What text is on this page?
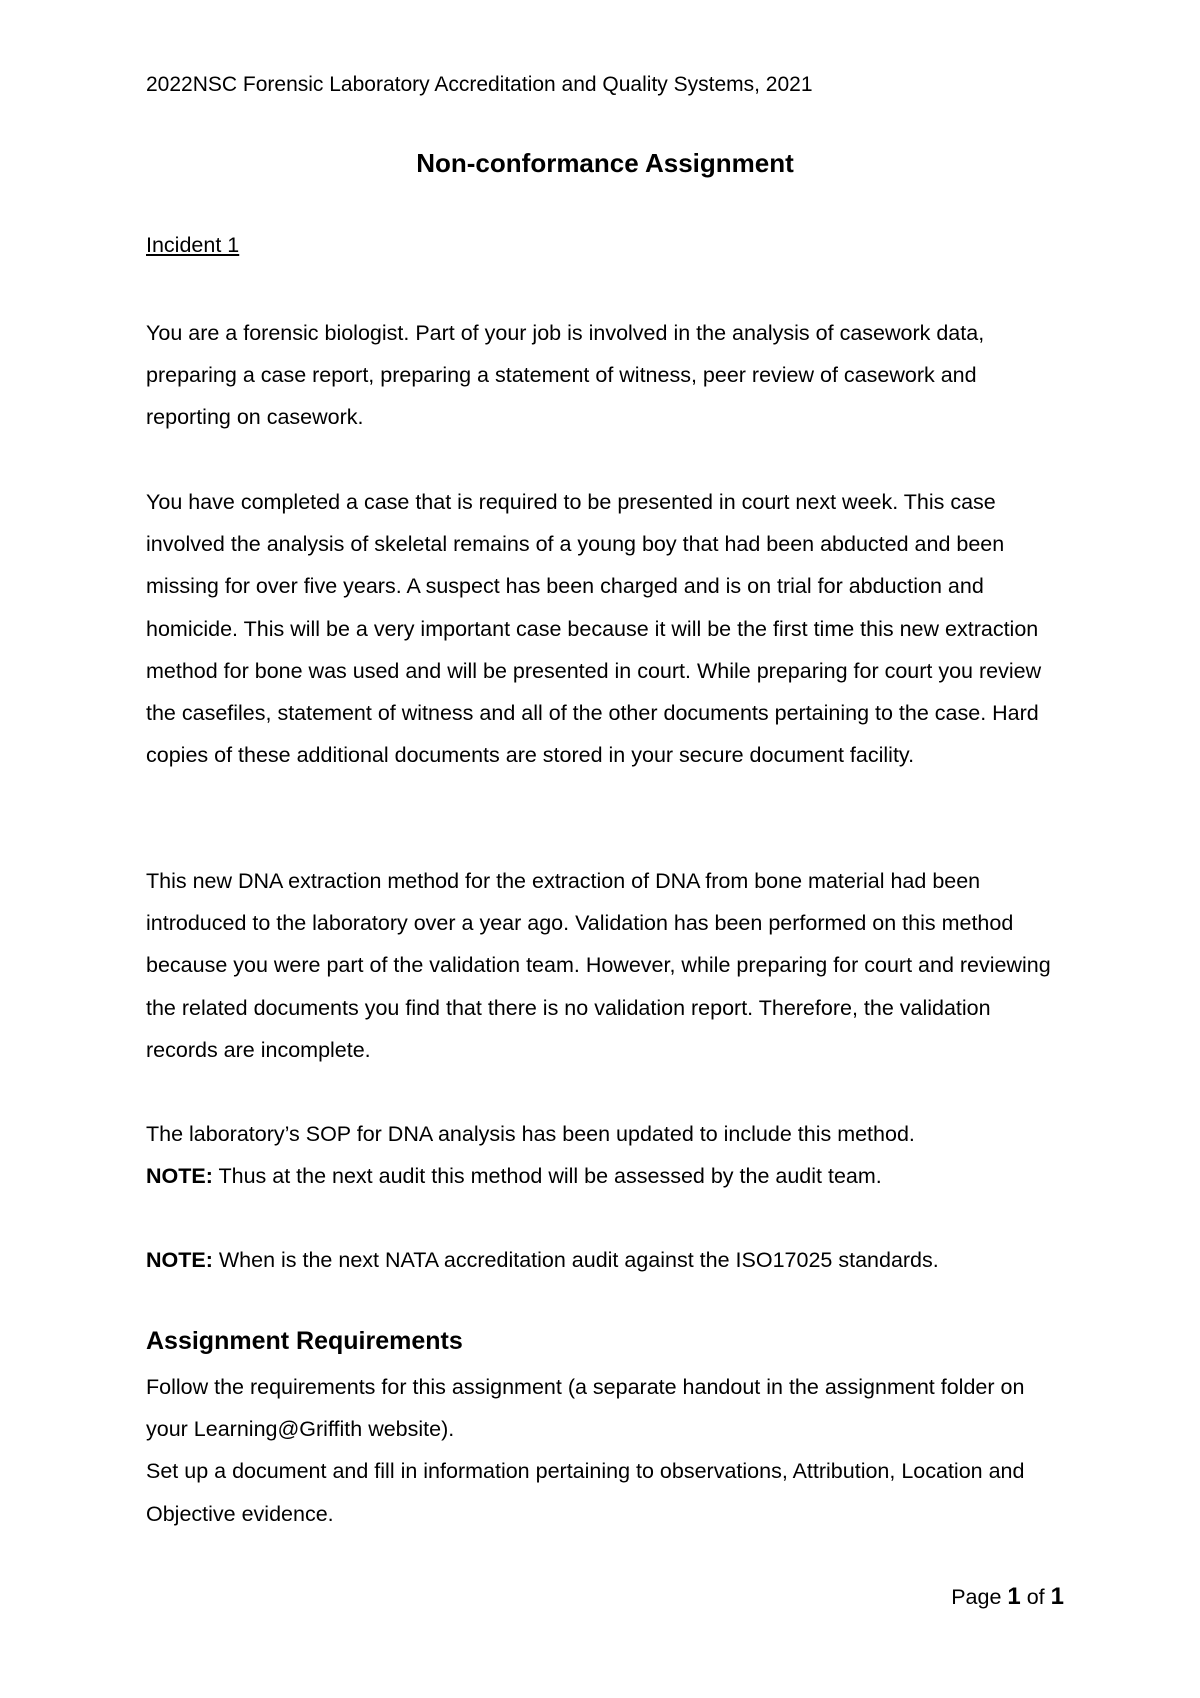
2022NSC Forensic Laboratory Accreditation and Quality Systems, 2021
Non-conformance Assignment
Incident 1

You are a forensic biologist. Part of your job is involved in the analysis of casework data, preparing a case report, preparing a statement of witness, peer review of casework and reporting on casework.

You have completed a case that is required to be presented in court next week. This case involved the analysis of skeletal remains of a young boy that had been abducted and been missing for over five years. A suspect has been charged and is on trial for abduction and homicide. This will be a very important case because it will be the first time this new extraction method for bone was used and will be presented in court. While preparing for court you review the casefiles, statement of witness and all of the other documents pertaining to the case. Hard copies of these additional documents are stored in your secure document facility.

This new DNA extraction method for the extraction of DNA from bone material had been introduced to the laboratory over a year ago. Validation has been performed on this method because you were part of the validation team. However, while preparing for court and reviewing the related documents you find that there is no validation report. Therefore, the validation records are incomplete.

The laboratory’s SOP for DNA analysis has been updated to include this method.
NOTE: Thus at the next audit this method will be assessed by the audit team.
NOTE: When is the next NATA accreditation audit against the ISO17025 standards.
Assignment Requirements
Follow the requirements for this assignment (a separate handout in the assignment folder on your Learning@Griffith website).
Set up a document and fill in information pertaining to observations, Attribution, Location and Objective evidence.
Page 1 of 1
